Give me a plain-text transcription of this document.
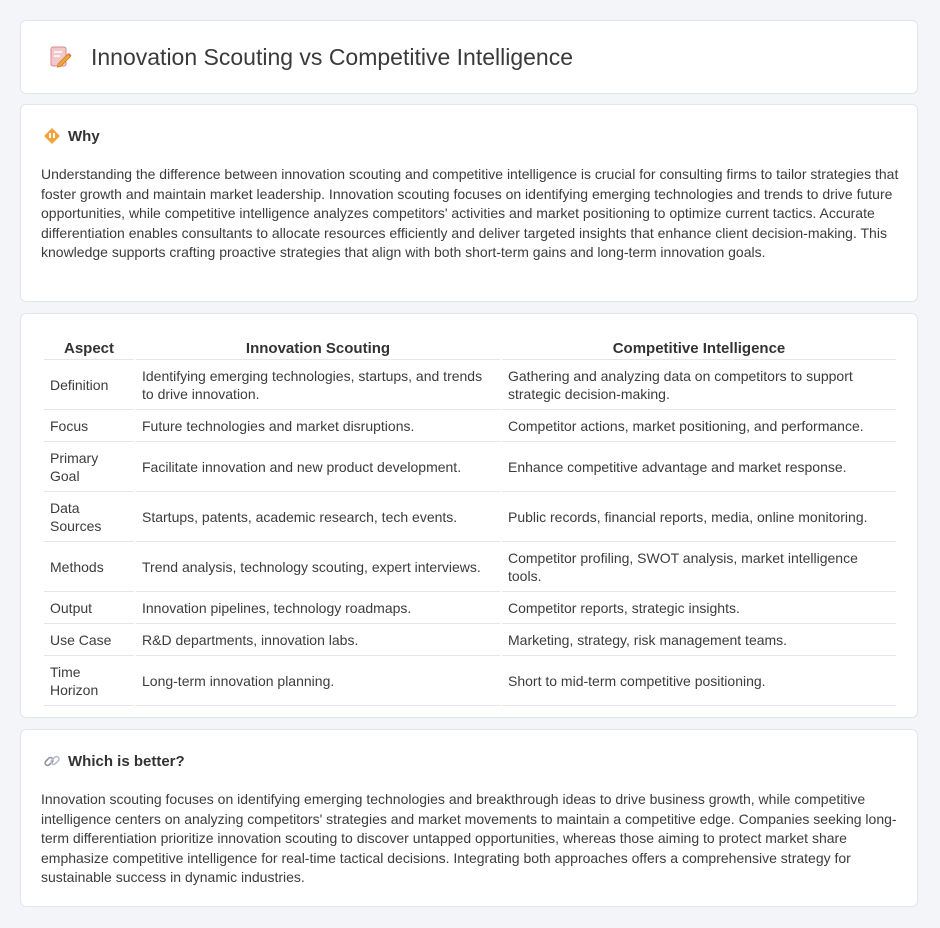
Innovation Scouting vs Competitive Intelligence
Why
Understanding the difference between innovation scouting and competitive intelligence is crucial for consulting firms to tailor strategies that foster growth and maintain market leadership. Innovation scouting focuses on identifying emerging technologies and trends to drive future opportunities, while competitive intelligence analyzes competitors' activities and market positioning to optimize current tactics. Accurate differentiation enables consultants to allocate resources efficiently and deliver targeted insights that enhance client decision-making. This knowledge supports crafting proactive strategies that align with both short-term gains and long-term innovation goals.
Aspect	Innovation Scouting	Competitive Intelligence
Definition	Identifying emerging technologies, startups, and trends to drive innovation.	Gathering and analyzing data on competitors to support strategic decision-making.
Focus	Future technologies and market disruptions.	Competitor actions, market positioning, and performance.
Primary Goal	Facilitate innovation and new product development.	Enhance competitive advantage and market response.
Data Sources	Startups, patents, academic research, tech events.	Public records, financial reports, media, online monitoring.
Methods	Trend analysis, technology scouting, expert interviews.	Competitor profiling, SWOT analysis, market intelligence tools.
Output	Innovation pipelines, technology roadmaps.	Competitor reports, strategic insights.
Use Case	R&D departments, innovation labs.	Marketing, strategy, risk management teams.
Time Horizon	Long-term innovation planning.	Short to mid-term competitive positioning.
Which is better?
Innovation scouting focuses on identifying emerging technologies and breakthrough ideas to drive business growth, while competitive intelligence centers on analyzing competitors' strategies and market movements to maintain a competitive edge. Companies seeking long-term differentiation prioritize innovation scouting to discover untapped opportunities, whereas those aiming to protect market share emphasize competitive intelligence for real-time tactical decisions. Integrating both approaches offers a comprehensive strategy for sustainable success in dynamic industries.
